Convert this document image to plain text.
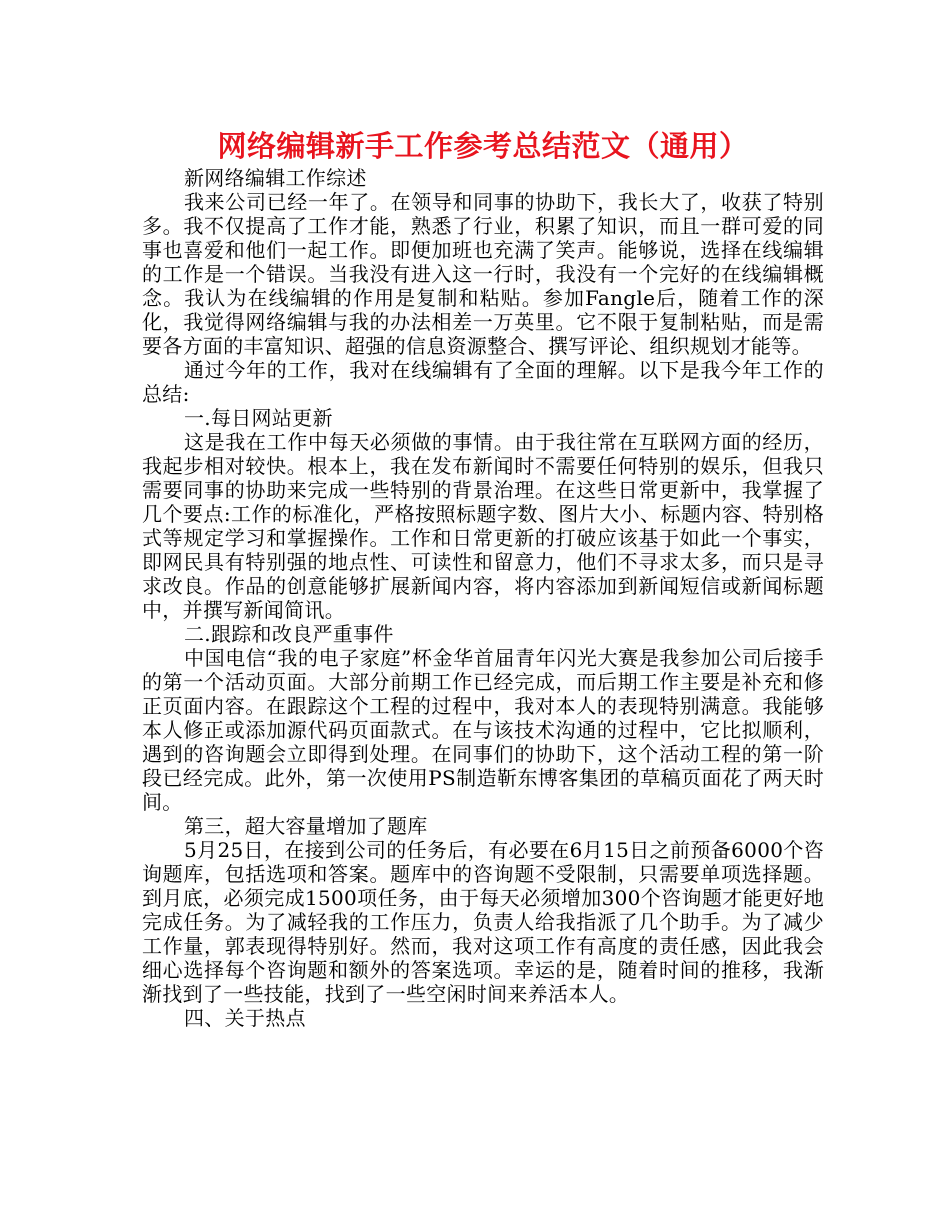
网络编辑新手工作参考总结范文（通用）

新网络编辑工作综述

我来公司已经一年了。在领导和同事的协助下，我长大了，收获了特别多。我不仅提高了工作才能，熟悉了行业，积累了知识，而且一群可爱的同事也喜爱和他们一起工作。即便加班也充满了笑声。能够说，选择在线编辑的工作是一个错误。当我没有进入这一行时，我没有一个完好的在线编辑概念。我认为在线编辑的作用是复制和粘贴。参加Fangle后，随着工作的深化，我觉得网络编辑与我的办法相差一万英里。它不限于复制粘贴，而是需要各方面的丰富知识、超强的信息资源整合、撰写评论、组织规划才能等。

通过今年的工作，我对在线编辑有了全面的理解。以下是我今年工作的总结:

一.每日网站更新

这是我在工作中每天必须做的事情。由于我往常在互联网方面的经历，我起步相对较快。根本上，我在发布新闻时不需要任何特别的娱乐，但我只需要同事的协助来完成一些特别的背景治理。在这些日常更新中，我掌握了几个要点:工作的标准化，严格按照标题字数、图片大小、标题内容、特别格式等规定学习和掌握操作。工作和日常更新的打破应该基于如此一个事实，即网民具有特别强的地点性、可读性和留意力，他们不寻求太多，而只是寻求改良。作品的创意能够扩展新闻内容，将内容添加到新闻短信或新闻标题中，并撰写新闻简讯。

二.跟踪和改良严重事件

中国电信“我的电子家庭”杯金华首届青年闪光大赛是我参加公司后接手的第一个活动页面。大部分前期工作已经完成，而后期工作主要是补充和修正页面内容。在跟踪这个工程的过程中，我对本人的表现特别满意。我能够本人修正或添加源代码页面款式。在与该技术沟通的过程中，它比拟顺利，遇到的咨询题会立即得到处理。在同事们的协助下，这个活动工程的第一阶段已经完成。此外，第一次使用PS制造靳东博客集团的草稿页面花了两天时间。

第三，超大容量增加了题库

5月25日，在接到公司的任务后，有必要在6月15日之前预备6000个咨询题库，包括选项和答案。题库中的咨询题不受限制，只需要单项选择题。到月底，必须完成1500项任务，由于每天必须增加300个咨询题才能更好地完成任务。为了减轻我的工作压力，负责人给我指派了几个助手。为了减少工作量，郭表现得特别好。然而，我对这项工作有高度的责任感，因此我会细心选择每个咨询题和额外的答案选项。幸运的是，随着时间的推移，我渐渐找到了一些技能，找到了一些空闲时间来养活本人。

四、关于热点
